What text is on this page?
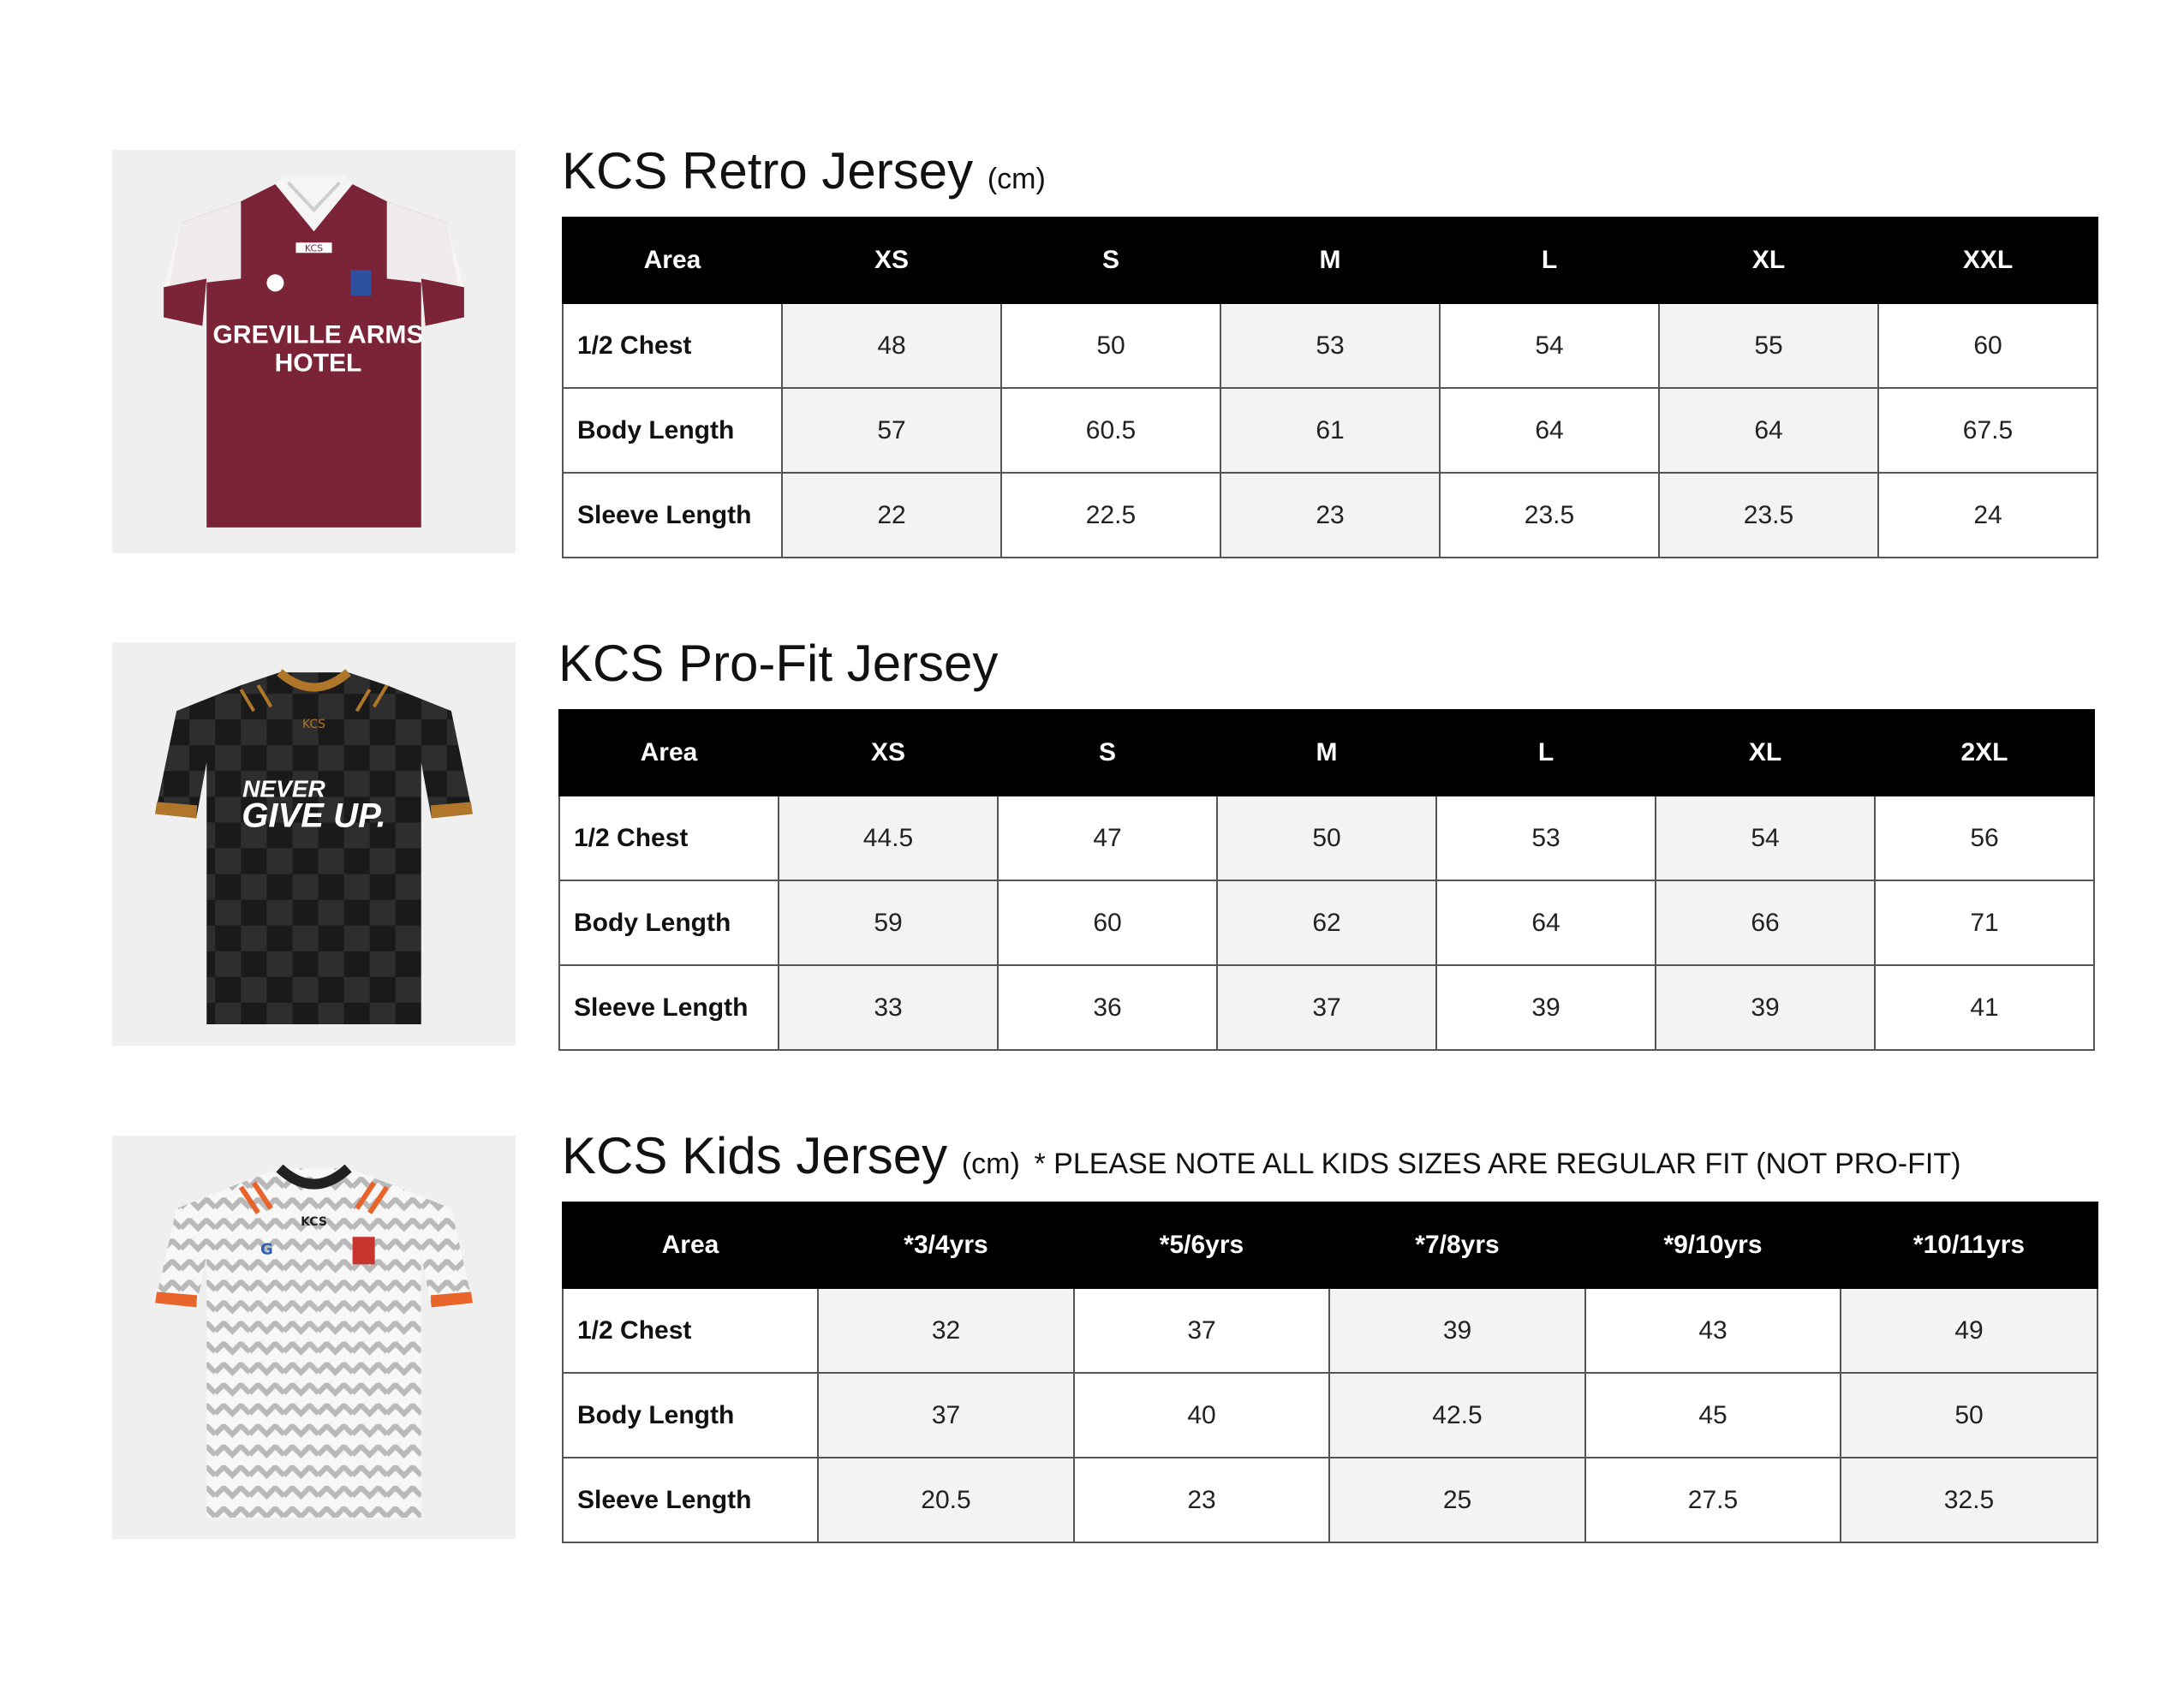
KCS
GREVILLE ARMS
HOTEL
KCS Retro Jersey (cm)
Area	XS	S	M	L	XL	XXL
1/2 Chest	48	50	53	54	55	60
Body Length	57	60.5	61	64	64	67.5
Sleeve Length	22	22.5	23	23.5	23.5	24
KCS
NEVER
GIVE UP.
KCS Pro-Fit Jersey
Area	XS	S	M	L	XL	2XL
1/2 Chest	44.5	47	50	53	54	56
Body Length	59	60	62	64	66	71
Sleeve Length	33	36	37	39	39	41
KCS
G
KCS Kids Jersey (cm) * PLEASE NOTE ALL KIDS SIZES ARE REGULAR FIT (NOT PRO-FIT)
Area	*3/4yrs	*5/6yrs	*7/8yrs	*9/10yrs	*10/11yrs
1/2 Chest	32	37	39	43	49
Body Length	37	40	42.5	45	50
Sleeve Length	20.5	23	25	27.5	32.5
